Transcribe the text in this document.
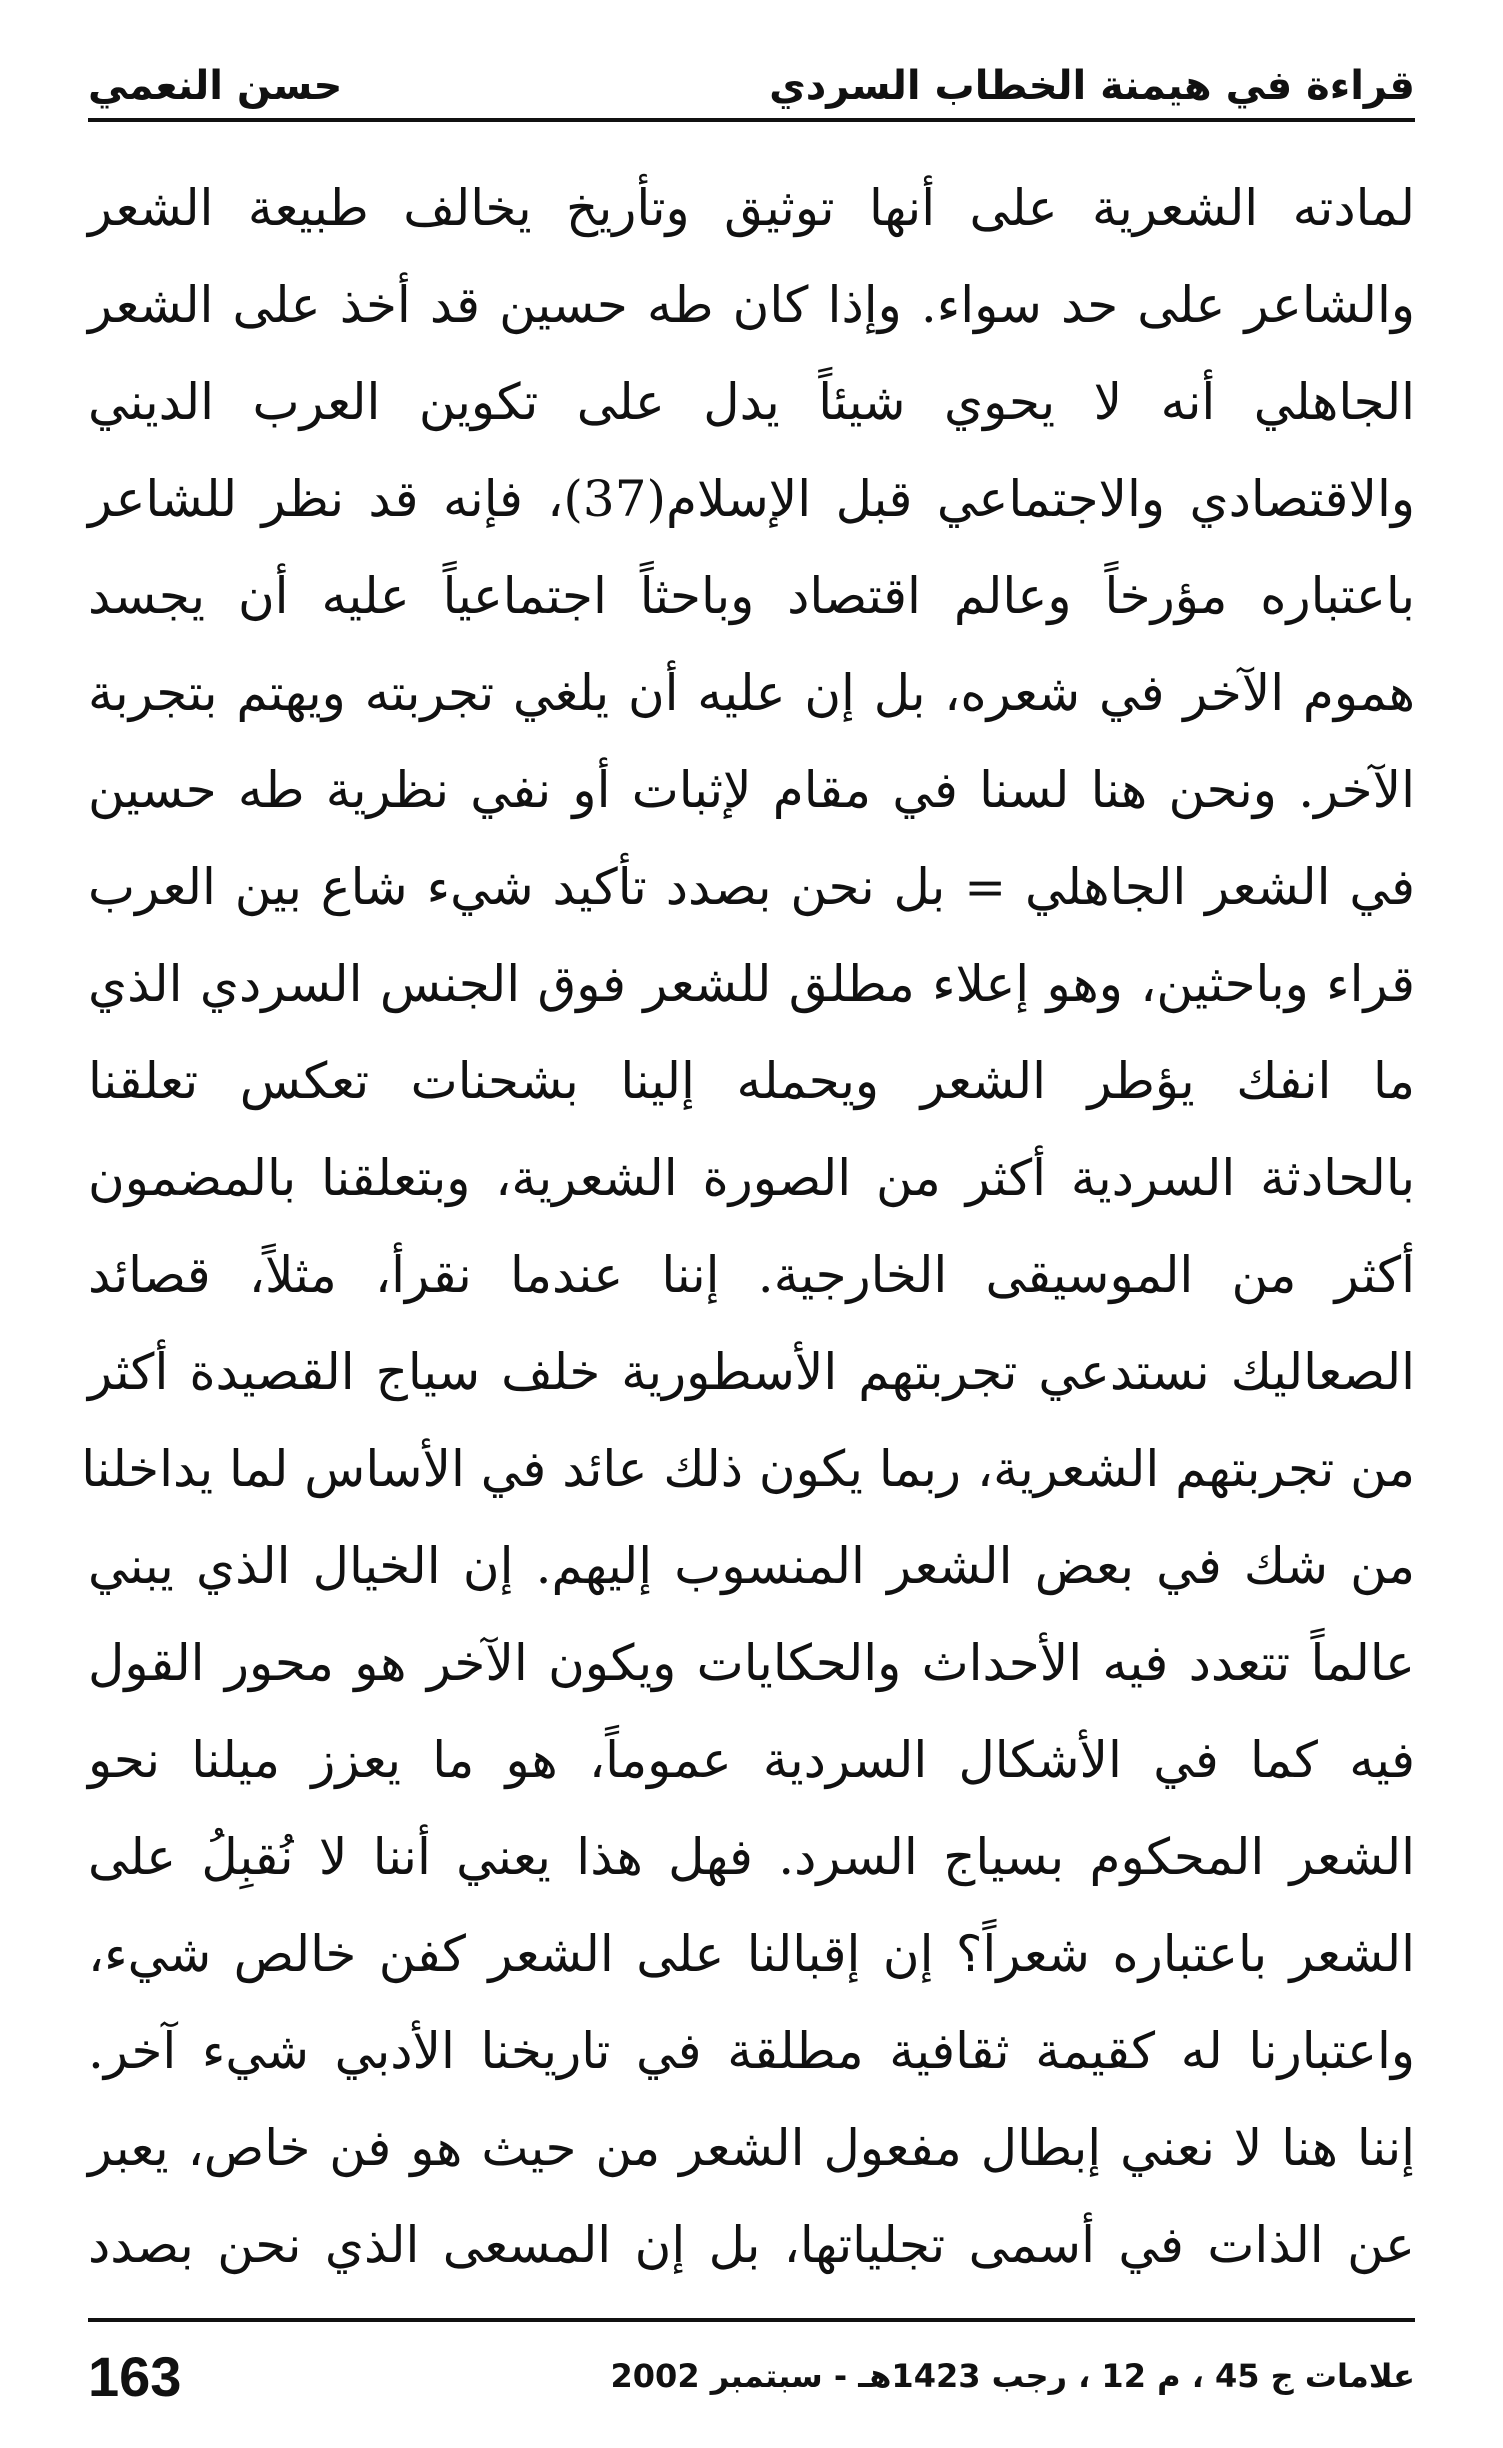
قراءة في هيمنة الخطاب السردي
حسن النعمي
لمادته الشعرية على أنها توثيق وتأريخ يخالف طبيعة الشعر
والشاعر على حد سواء. وإذا كان طه حسين قد أخذ على الشعر
الجاهلي أنه لا يحوي شيئاً يدل على تكوين العرب الديني
والاقتصادي والاجتماعي قبل الإسلام(37)، فإنه قد نظر للشاعر
باعتباره مؤرخاً وعالم اقتصاد وباحثاً اجتماعياً عليه أن يجسد
هموم الآخر في شعره، بل إن عليه أن يلغي تجربته ويهتم بتجربة
الآخر. ونحن هنا لسنا في مقام لإثبات أو نفي نظرية طه حسين
في الشعر الجاهلي = بل نحن بصدد تأكيد شيء شاع بين العرب
قراء وباحثين، وهو إعلاء مطلق للشعر فوق الجنس السردي الذي
ما انفك يؤطر الشعر ويحمله إلينا بشحنات تعكس تعلقنا
بالحادثة السردية أكثر من الصورة الشعرية، وبتعلقنا بالمضمون
أكثر من الموسيقى الخارجية. إننا عندما نقرأ، مثلاً، قصائد
الصعاليك نستدعي تجربتهم الأسطورية خلف سياج القصيدة أكثر
من تجربتهم الشعرية، ربما يكون ذلك عائد في الأساس لما يداخلنا
من شك في بعض الشعر المنسوب إليهم. إن الخيال الذي يبني
عالماً تتعدد فيه الأحداث والحكايات ويكون الآخر هو محور القول
فيه كما في الأشكال السردية عموماً، هو ما يعزز ميلنا نحو
الشعر المحكوم بسياج السرد. فهل هذا يعني أننا لا نُقبِلُ على
الشعر باعتباره شعراً؟ إن إقبالنا على الشعر كفن خالص شيء،
واعتبارنا له كقيمة ثقافية مطلقة في تاريخنا الأدبي شيء آخر.
إننا هنا لا نعني إبطال مفعول الشعر من حيث هو فن خاص، يعبر
عن الذات في أسمى تجلياتها، بل إن المسعى الذي نحن بصدد
علامات ج 45 ، م 12 ، رجب 1423هـ - سبتمبر 2002
163
